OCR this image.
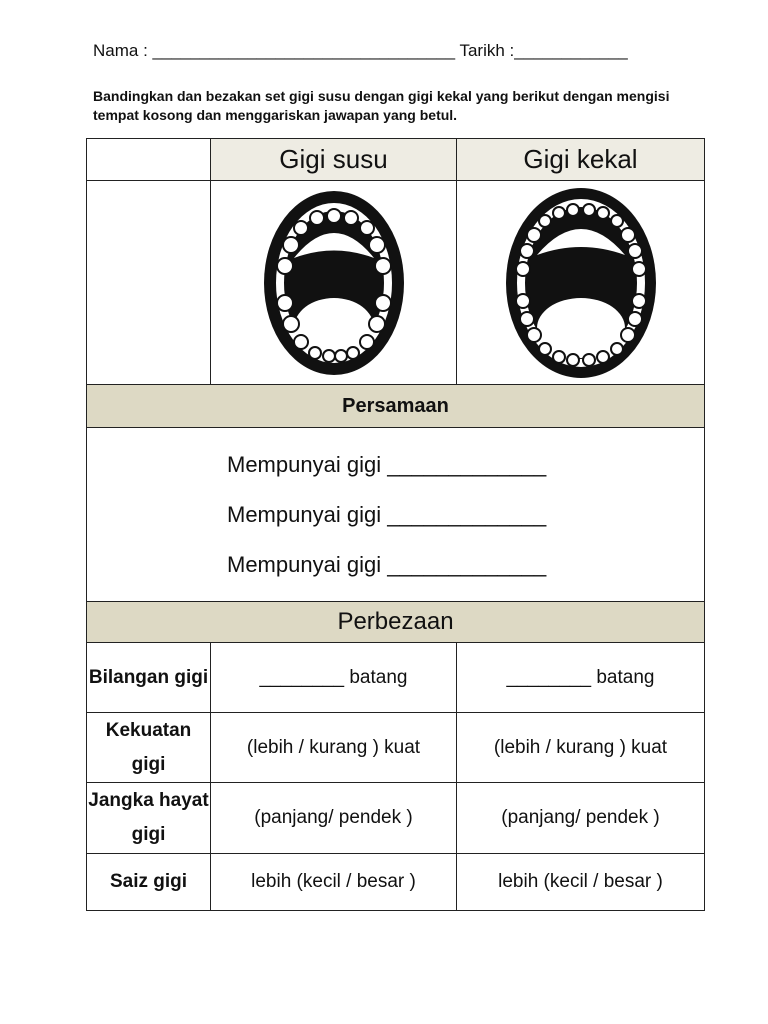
Nama : ________________________________ Tarikh :____________
Bandingkan dan bezakan set gigi susu dengan gigi kekal yang berikut dengan mengisi tempat kosong dan menggariskan jawapan yang betul.
	Gigi susu	Gigi kekal

Persamaan		

Mempunyai gigi _____________
Mempunyai gigi _____________
Mempunyai gigi _____________		

Perbezaan		
Bilangan gigi	________ batang	________ batang
Kekuatan gigi	(lebih / kurang ) kuat	(lebih / kurang ) kuat
Jangka hayat gigi	(panjang/ pendek )	(panjang/ pendek )
Saiz gigi	lebih (kecil / besar )	lebih (kecil / besar )
